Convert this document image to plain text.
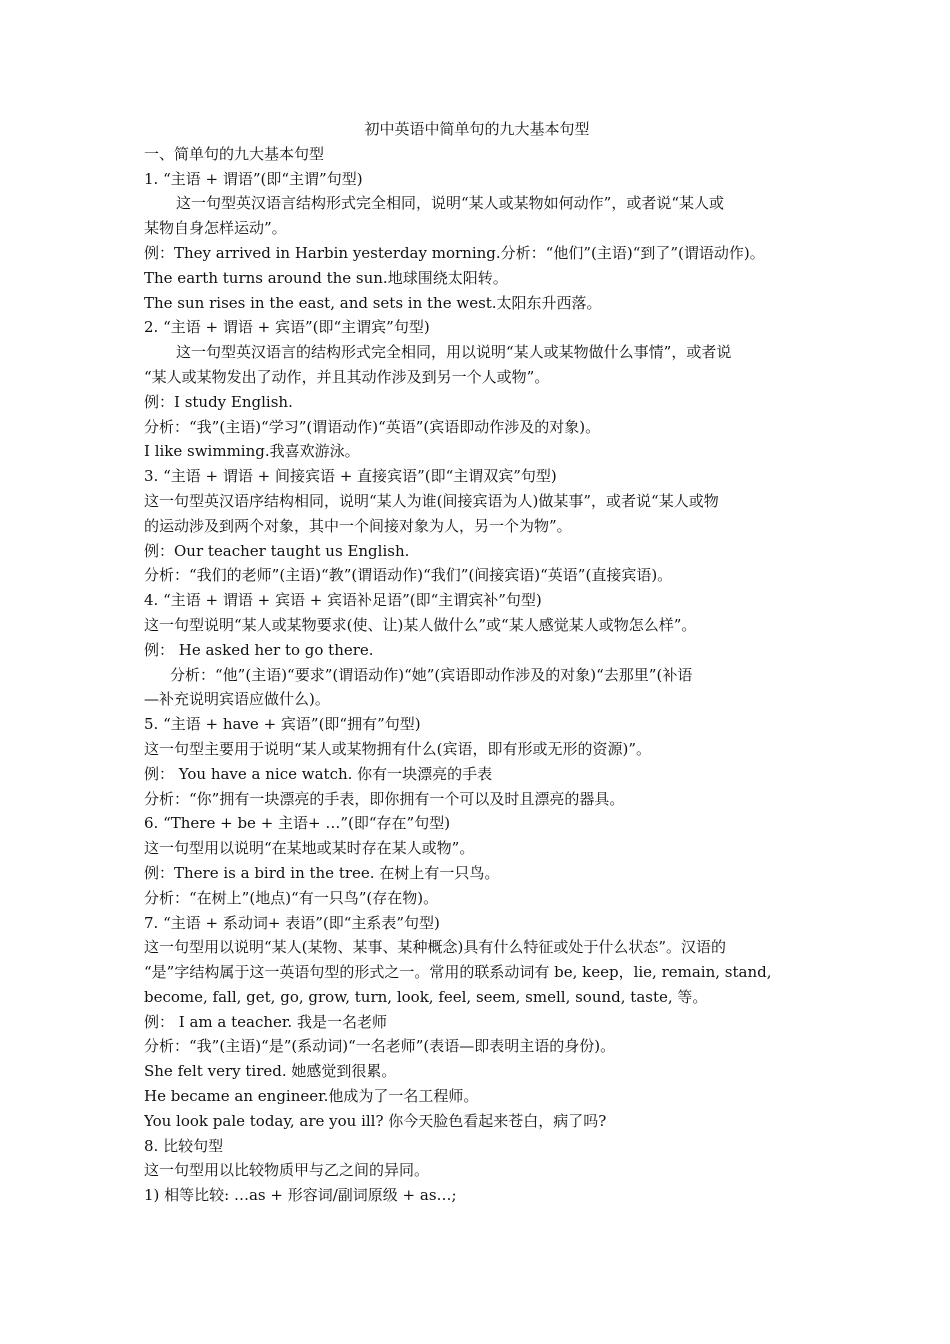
初中英语中简单句的九大基本句型
一、简单句的九大基本句型
1. “主语 + 谓语”(即“主谓”句型)
这一句型英汉语言结构形式完全相同，说明“某人或某物如何动作”，或者说“某人或
某物自身怎样运动”。
例：They arrived in Harbin yesterday morning.分析：“他们”(主语)“到了”(谓语动作)。
The earth turns around the sun.地球围绕太阳转。
The sun rises in the east, and sets in the west.太阳东升西落。
2. “主语 + 谓语 + 宾语”(即“主谓宾”句型)
这一句型英汉语言的结构形式完全相同，用以说明“某人或某物做什么事情”，或者说
“某人或某物发出了动作，并且其动作涉及到另一个人或物”。
例：I study English.
分析：“我”(主语)“学习”(谓语动作)“英语”(宾语即动作涉及的对象)。
I like swimming.我喜欢游泳。
3. “主语 + 谓语 + 间接宾语 + 直接宾语”(即“主谓双宾”句型)
这一句型英汉语序结构相同，说明“某人为谁(间接宾语为人)做某事”，或者说“某人或物
的运动涉及到两个对象，其中一个间接对象为人，另一个为物”。
例：Our teacher taught us English.
分析：“我们的老师”(主语)“教”(谓语动作)“我们”(间接宾语)“英语”(直接宾语)。
4. “主语 + 谓语 + 宾语 + 宾语补足语”(即“主谓宾补”句型)
这一句型说明“某人或某物要求(使、让)某人做什么”或“某人感觉某人或物怎么样”。
例： He asked her to go there.
分析：“他”(主语)“要求”(谓语动作)“她”(宾语即动作涉及的对象)“去那里”(补语
—补充说明宾语应做什么)。
5. “主语 + have + 宾语”(即“拥有”句型)
这一句型主要用于说明“某人或某物拥有什么(宾语，即有形或无形的资源)”。
例： You have a nice watch. 你有一块漂亮的手表
分析：“你”拥有一块漂亮的手表，即你拥有一个可以及时且漂亮的器具。
6. “There + be + 主语+ …”(即“存在”句型)
这一句型用以说明“在某地或某时存在某人或物”。
例：There is a bird in the tree. 在树上有一只鸟。
分析：“在树上”(地点)“有一只鸟”(存在物)。
7. “主语 + 系动词+ 表语”(即“主系表”句型)
这一句型用以说明“某人(某物、某事、某种概念)具有什么特征或处于什么状态”。汉语的
“是”字结构属于这一英语句型的形式之一。常用的联系动词有 be, keep，lie, remain, stand,
become, fall, get, go, grow, turn, look, feel, seem, smell, sound, taste, 等。
例： I am a teacher. 我是一名老师
分析：“我”(主语)“是”(系动词)“一名老师”(表语—即表明主语的身份)。
She felt very tired. 她感觉到很累。
He became an engineer.他成为了一名工程师。
You look pale today, are you ill? 你今天脸色看起来苍白，病了吗?
8. 比较句型
这一句型用以比较物质甲与乙之间的异同。
1) 相等比较: …as + 形容词/副词原级 + as…;
